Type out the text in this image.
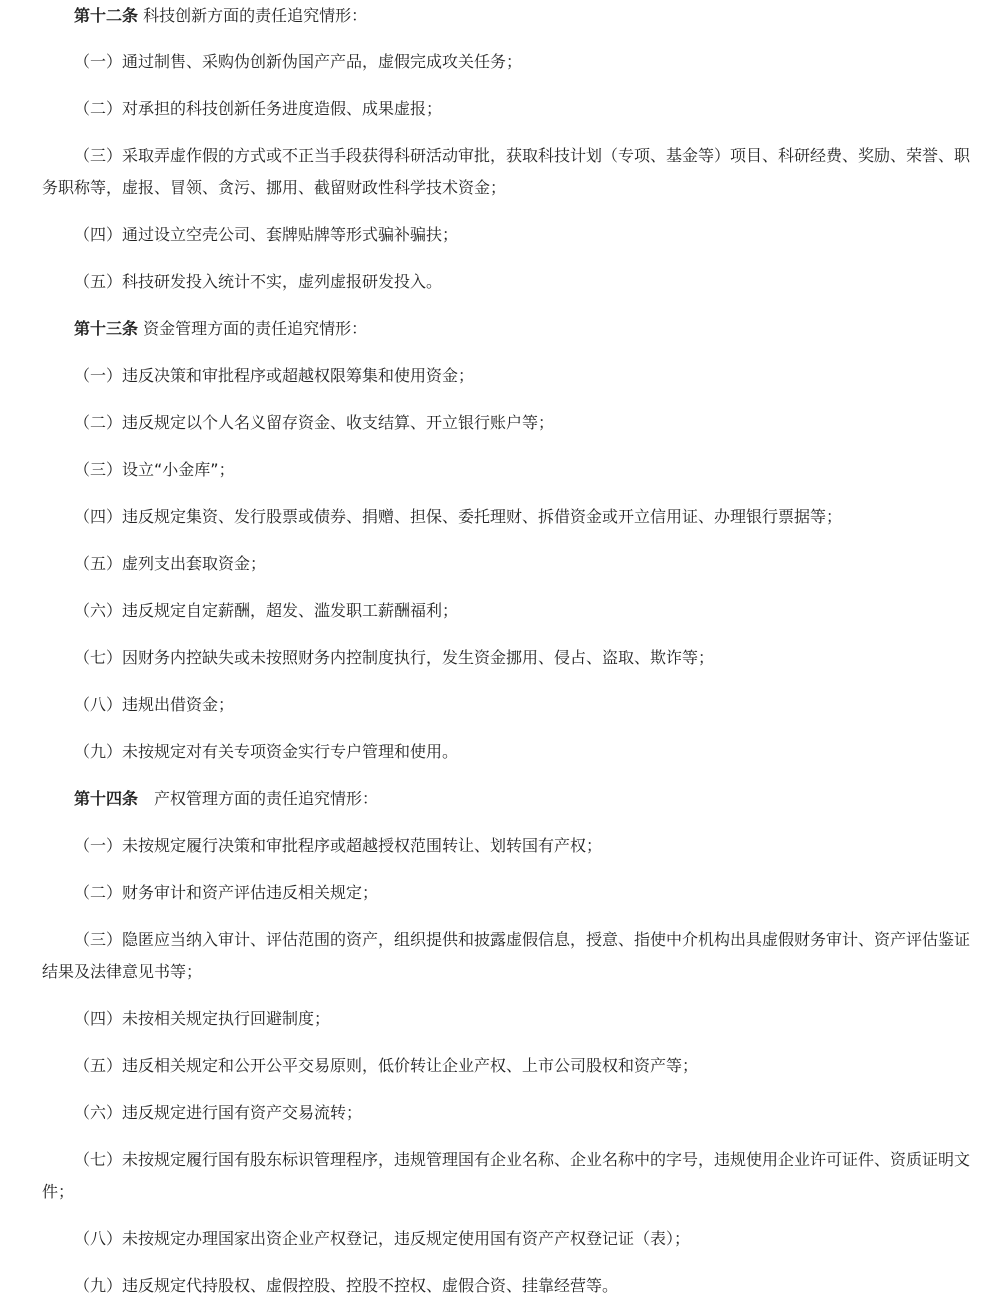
第十二条 科技创新方面的责任追究情形：

（一）通过制售、采购伪创新伪国产产品，虚假完成攻关任务；

（二）对承担的科技创新任务进度造假、成果虚报；

（三）采取弄虚作假的方式或不正当手段获得科研活动审批，获取科技计划（专项、基金等）项目、科研经费、奖励、荣誉、职务职称等，虚报、冒领、贪污、挪用、截留财政性科学技术资金；

（四）通过设立空壳公司、套牌贴牌等形式骗补骗扶；

（五）科技研发投入统计不实，虚列虚报研发投入。

第十三条 资金管理方面的责任追究情形：

（一）违反决策和审批程序或超越权限筹集和使用资金；

（二）违反规定以个人名义留存资金、收支结算、开立银行账户等；

（三）设立“小金库”；

（四）违反规定集资、发行股票或债券、捐赠、担保、委托理财、拆借资金或开立信用证、办理银行票据等；

（五）虚列支出套取资金；

（六）违反规定自定薪酬，超发、滥发职工薪酬福利；

（七）因财务内控缺失或未按照财务内控制度执行，发生资金挪用、侵占、盗取、欺诈等；

（八）违规出借资金；

（九）未按规定对有关专项资金实行专户管理和使用。

第十四条　产权管理方面的责任追究情形：

（一）未按规定履行决策和审批程序或超越授权范围转让、划转国有产权；

（二）财务审计和资产评估违反相关规定；

（三）隐匿应当纳入审计、评估范围的资产，组织提供和披露虚假信息，授意、指使中介机构出具虚假财务审计、资产评估鉴证结果及法律意见书等；

（四）未按相关规定执行回避制度；

（五）违反相关规定和公开公平交易原则，低价转让企业产权、上市公司股权和资产等；

（六）违反规定进行国有资产交易流转；

（七）未按规定履行国有股东标识管理程序，违规管理国有企业名称、企业名称中的字号，违规使用企业许可证件、资质证明文件；

（八）未按规定办理国家出资企业产权登记，违反规定使用国有资产产权登记证（表）；

（九）违反规定代持股权、虚假控股、控股不控权、虚假合资、挂靠经营等。
